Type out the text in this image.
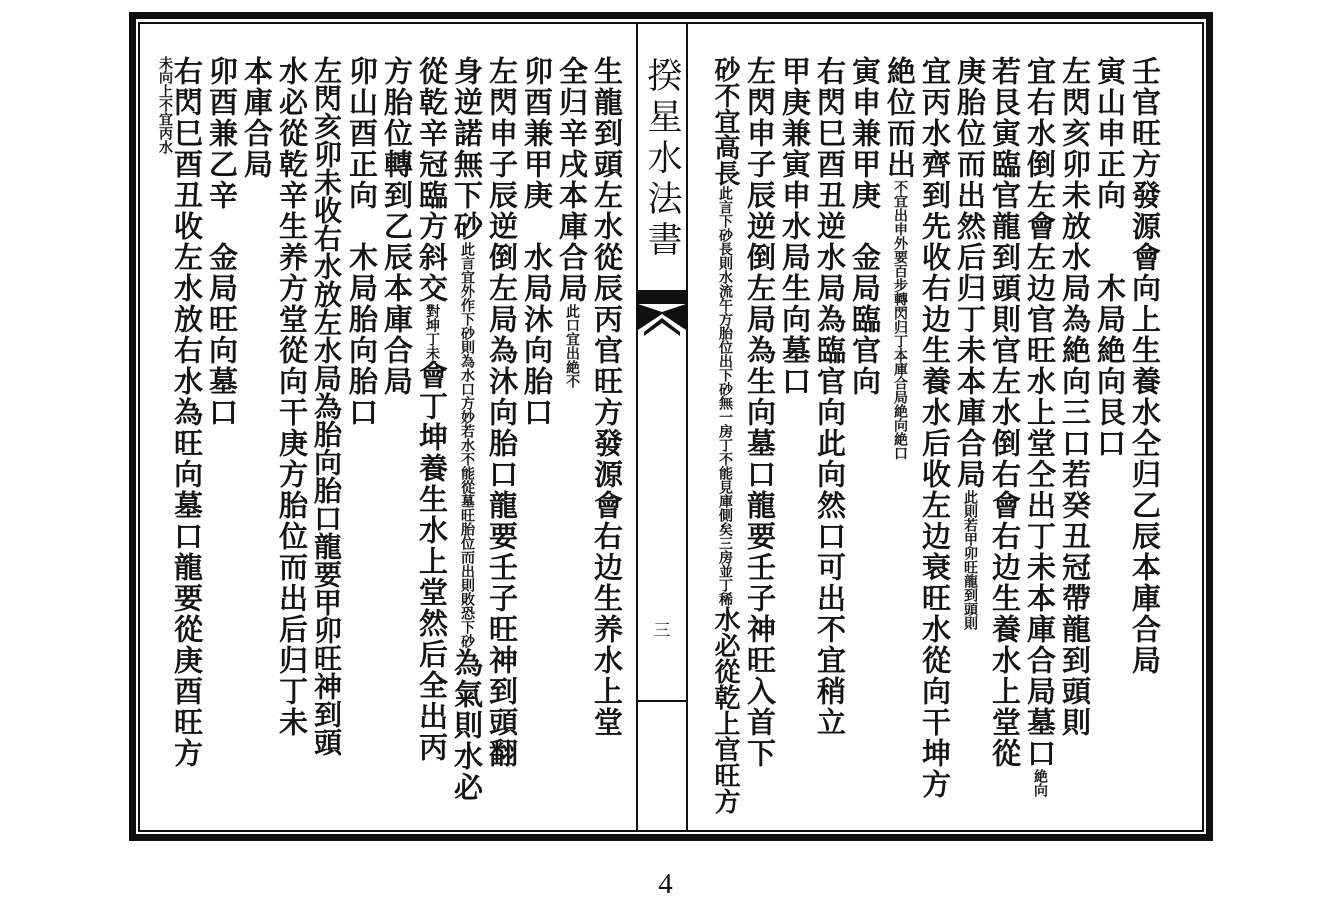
揆星水法書
三	壬官旺方發源會向上生養水仝归乙辰本庫合局
寅山申正向　　木局絶向艮口
左閃亥卯未放水局為絶向三口若癸丑冠帶龍到頭則
宜右水倒左會左边官旺水上堂仝出丁未本庫合局墓口絶向
若艮寅臨官龍到頭則官左水倒右會右边生養水上堂從
庚胎位而出然后归丁未本庫合局此則若甲卯旺龍到頭則
宜丙水齊到先收右边生養水后收左边衰旺水從向干坤方
絶位而出不宜出申外要百步轉閃归丁本庫合局絶向絶口
寅申兼甲庚　金局臨官向
右閃巳酉丑逆水局為臨官向此向然口可出不宜稍立
甲庚兼寅申水局生向墓口
左閃申子辰逆倒左局為生向墓口龍要壬子神旺入首下
砂不宜高長此言下砂長則水流午方胎位出下砂無一房丁不能見庫側矣三房並丁稀水必從乾上官旺方
生龍到頭左水從辰丙官旺方發源會右边生养水上堂
全归辛戌本庫合局此口宜出絶不
卯酉兼甲庚　水局沐向胎口
左閃申子辰逆倒左局為沐向胎口龍要壬子旺神到頭翻
身逆諾無下砂此言宜外作下砂則為水口方妙若水不能從墓旺胎位而出則敗恐下砂為氣則水必
從乾辛冠臨方斜交對坤丁未會丁坤養生水上堂然后全出丙
方胎位轉到乙辰本庫合局
卯山酉正向　木局胎向胎口
左閃亥卯未收右水放左水局為胎向胎口龍要甲卯旺神到頭
水必從乾辛生养方堂從向干庚方胎位而出后归丁未
本庫合局
卯酉兼乙辛　金局旺向墓口
右閃巳酉丑收左水放右水為旺向墓口龍要從庚酉旺方
未向上不宜丙水
4
